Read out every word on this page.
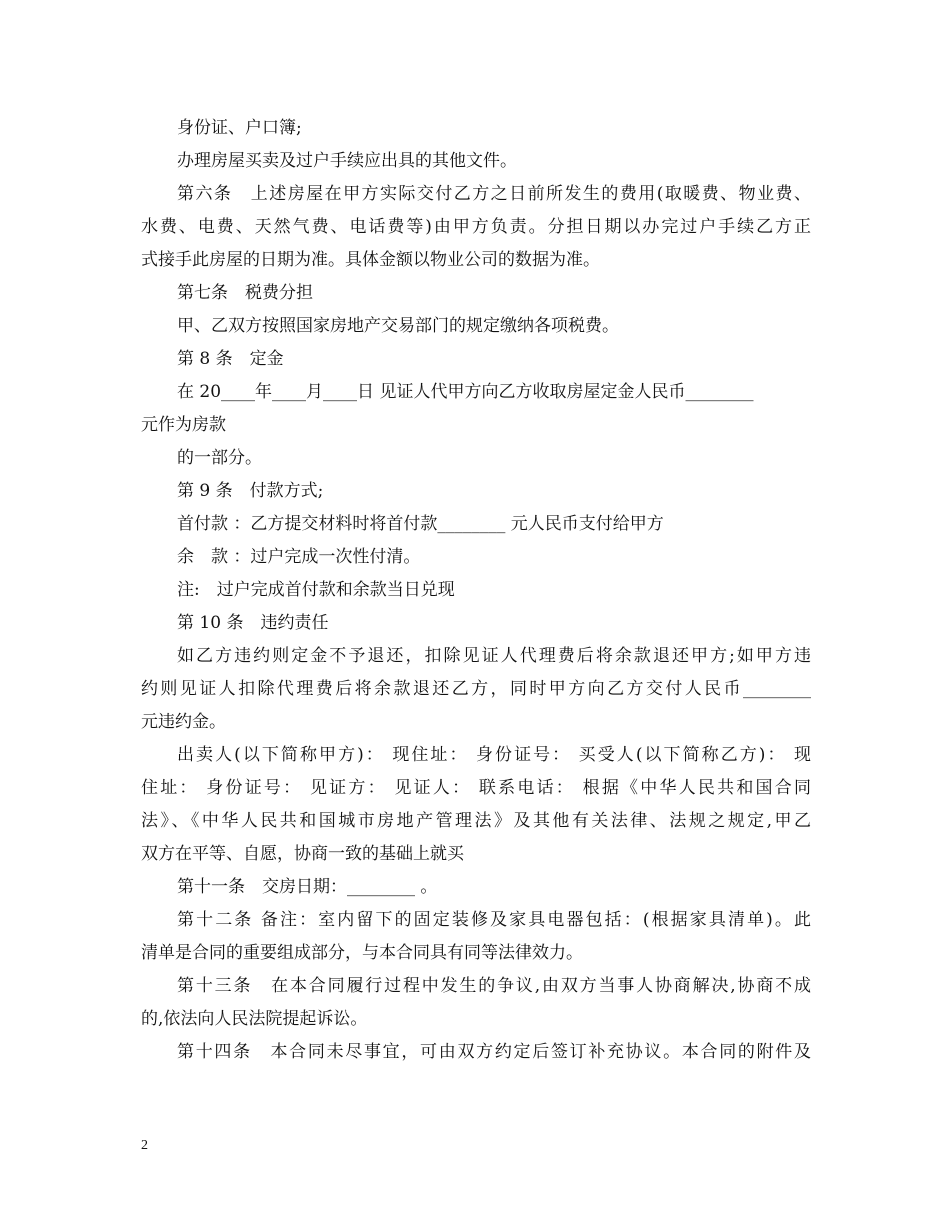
身份证、户口簿;
办理房屋买卖及过户手续应出具的其他文件。
第六条　上述房屋在甲方实际交付乙方之日前所发生的费用(取暖费、物业费、
水费、电费、天然气费、电话费等)由甲方负责。分担日期以办完过户手续乙方正
式接手此房屋的日期为准。具体金额以物业公司的数据为准。
第七条　税费分担
甲、乙双方按照国家房地产交易部门的规定缴纳各项税费。
第 8 条　定金
在 20____年____月____日 见证人代甲方向乙方收取房屋定金人民币________
元作为房款
的一部分。
第 9 条　付款方式;
首付款 ：乙方提交材料时将首付款________ 元人民币支付给甲方
余　款 ：过户完成一次性付清。
注:　过户完成首付款和余款当日兑现
第 10 条　违约责任
如乙方违约则定金不予退还，扣除见证人代理费后将余款退还甲方;如甲方违
约则见证人扣除代理费后将余款退还乙方，同时甲方向乙方交付人民币________
元违约金。
出卖人(以下简称甲方)： 现住址： 身份证号： 买受人(以下简称乙方)： 现
住址： 身份证号： 见证方： 见证人： 联系电话： 根据《中华人民共和国合同
法》、《中华人民共和国城市房地产管理法》及其他有关法律、法规之规定,甲乙
双方在平等、自愿，协商一致的基础上就买
第十一条　交房日期：________ 。
第十二条 备注：室内留下的固定装修及家具电器包括：(根据家具清单)。此
清单是合同的重要组成部分，与本合同具有同等法律效力。
第十三条　在本合同履行过程中发生的争议,由双方当事人协商解决,协商不成
的,依法向人民法院提起诉讼。
第十四条　本合同未尽事宜，可由双方约定后签订补充协议。本合同的附件及
2
